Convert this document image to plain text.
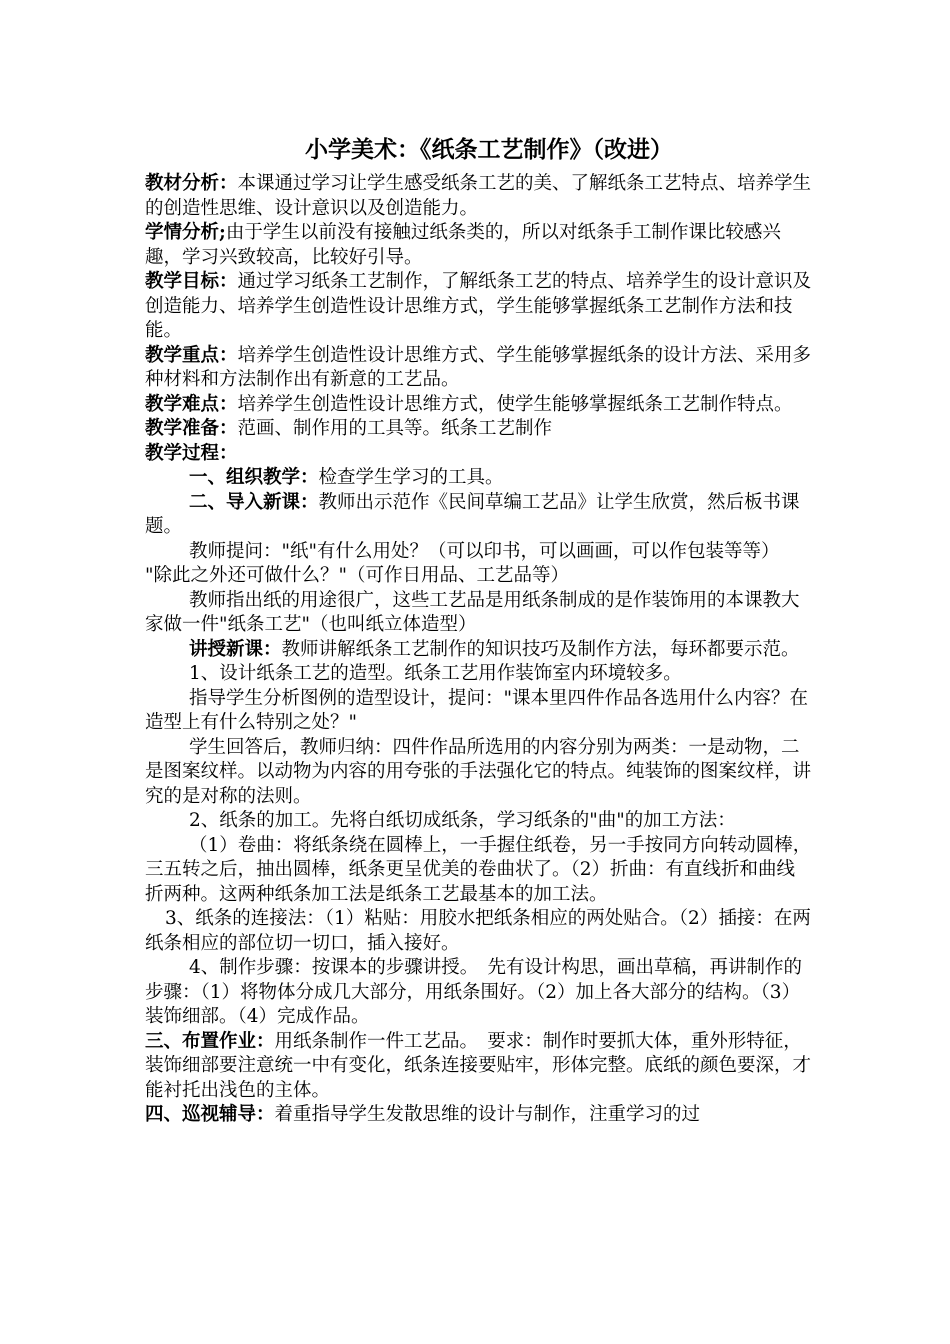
小学美术：《纸条工艺制作》（改进）

教材分析：本课通过学习让学生感受纸条工艺的美、了解纸条工艺特点、培养学生的创造性思维、设计意识以及创造能力。

学情分析;由于学生以前没有接触过纸条类的，所以对纸条手工制作课比较感兴趣，学习兴致较高，比较好引导。

教学目标：通过学习纸条工艺制作，了解纸条工艺的特点、培养学生的设计意识及创造能力、培养学生创造性设计思维方式，学生能够掌握纸条工艺制作方法和技能。

教学重点：培养学生创造性设计思维方式、学生能够掌握纸条的设计方法、采用多种材料和方法制作出有新意的工艺品。

教学难点：培养学生创造性设计思维方式，使学生能够掌握纸条工艺制作特点。

教学准备：范画、制作用的工具等。纸条工艺制作

教学过程：

一、组织教学：检查学生学习的工具。

二、导入新课：教师出示范作《民间草编工艺品》让学生欣赏，然后板书课题。

教师提问："纸"有什么用处？（可以印书，可以画画，可以作包装等等）　"除此之外还可做什么？"（可作日用品、工艺品等）

教师指出纸的用途很广，这些工艺品是用纸条制成的是作装饰用的本课教大家做一件"纸条工艺"（也叫纸立体造型）

讲授新课：教师讲解纸条工艺制作的知识技巧及制作方法，每环都要示范。

1、设计纸条工艺的造型。纸条工艺用作装饰室内环境较多。

指导学生分析图例的造型设计，提问："课本里四件作品各选用什么内容？在造型上有什么特别之处？"

学生回答后，教师归纳：四件作品所选用的内容分别为两类：一是动物，二是图案纹样。以动物为内容的用夸张的手法强化它的特点。纯装饰的图案纹样，讲究的是对称的法则。

2、纸条的加工。先将白纸切成纸条，学习纸条的"曲"的加工方法：

（1）卷曲：将纸条绕在圆棒上，一手握住纸卷，另一手按同方向转动圆棒，三五转之后，抽出圆棒，纸条更呈优美的卷曲状了。（2）折曲：有直线折和曲线折两种。这两种纸条加工法是纸条工艺最基本的加工法。

3、纸条的连接法：（1）粘贴：用胶水把纸条相应的两处贴合。（2）插接：在两纸条相应的部位切一切口，插入接好。

4、制作步骤：按课本的步骤讲授。　先有设计构思，画出草稿，再讲制作的步骤：（1）将物体分成几大部分，用纸条围好。（2）加上各大部分的结构。（3）装饰细部。（4）完成作品。

三、布置作业：用纸条制作一件工艺品。　要求：制作时要抓大体，重外形特征，装饰细部要注意统一中有变化，纸条连接要贴牢，形体完整。底纸的颜色要深，才能衬托出浅色的主体。

四、巡视辅导：着重指导学生发散思维的设计与制作，注重学习的过
